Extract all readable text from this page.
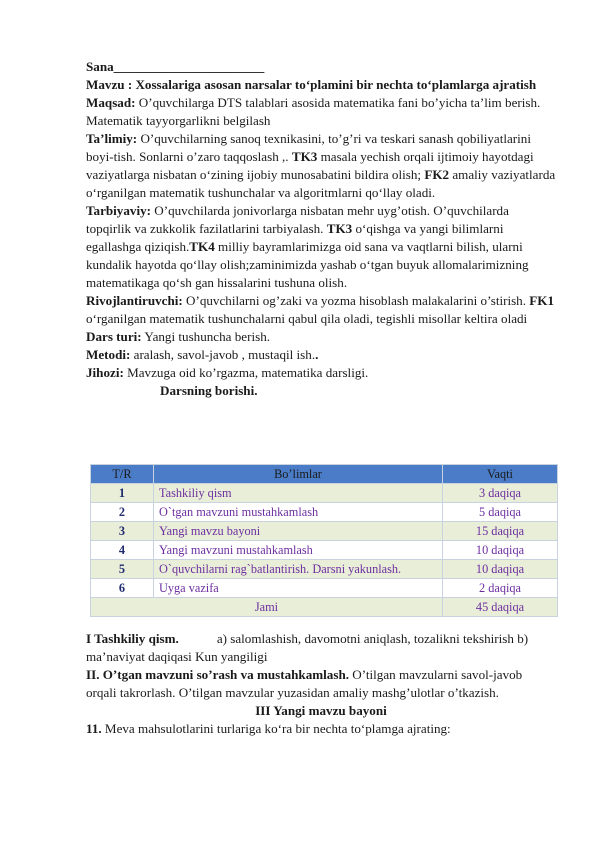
Sana_______________________

Mavzu : Xossalariga asosan narsalar to‘plamini bir nechta to‘plamlarga ajratish

Maqsad: O’quvchilarga DTS talablari asosida matematika fani bo’yicha ta’lim berish. Matematik tayyorgarlikni belgilash

Ta’limiy: O’quvchilarning sanoq texnikasini, to’g’ri va teskari sanash qobiliyatlarini boyi-tish. Sonlarni o’zaro taqqoslash ,. TK3 masala yechish orqali ijtimoiy hayotdagi vaziyatlarga nisbatan o‘zining ijobiy munosabatini bildira olish; FK2 amaliy vaziyatlarda o‘rganilgan matematik tushunchalar va algoritmlarni qo‘llay oladi.

Tarbiyaviy: O’quvchilarda jonivorlarga nisbatan mehr uyg’otish. O’quvchilarda topqirlik va zukkolik fazilatlarini tarbiyalash. TK3 o‘qishga va yangi bilimlarni egallashga qiziqish.TK4 milliy bayramlarimizga oid sana va vaqtlarni bilish, ularni kundalik hayotda qo‘llay olish;zaminimizda yashab o‘tgan buyuk allomalarimizning matematikaga qo‘sh gan hissalarini tushuna olish.

Rivojlantiruvchi: O’quvchilarni og’zaki va yozma hisoblash malakalarini o’stirish. FK1 o‘rganilgan matematik tushunchalarni qabul qila oladi, tegishli misollar keltira oladi

Dars turi: Yangi tushuncha berish.

Metodi: aralash, savol-javob , mustaqil ish..

Jihozi: Mavzuga oid ko’rgazma, matematika darsligi.

Darsning borishi.

T/R	Bo’limlar	Vaqti
1	Tashkiliy qism	3 daqiqa
2	O`tgan mavzuni mustahkamlash	5 daqiqa
3	Yangi mavzu bayoni	15 daqiqa
4	Yangi mavzuni mustahkamlash	10 daqiqa
5	O`quvchilarni rag`batlantirish. Darsni yakunlash.	10 daqiqa
6	Uyga vazifa	2 daqiqa
Jami		45 daqiqa

I Tashkiliy qism.	a) salomlashish, davomotni aniqlash, tozalikni tekshirish b) ma’naviyat daqiqasi Kun yangiligi

II. O’tgan mavzuni so’rash va mustahkamlash. O’tilgan mavzularni savol-javob orqali takrorlash. O’tilgan mavzular yuzasidan amaliy mashg’ulotlar o’tkazish.

III Yangi mavzu bayoni

11. Meva mahsulotlarini turlariga ko‘ra bir nechta to‘plamga ajrating:
